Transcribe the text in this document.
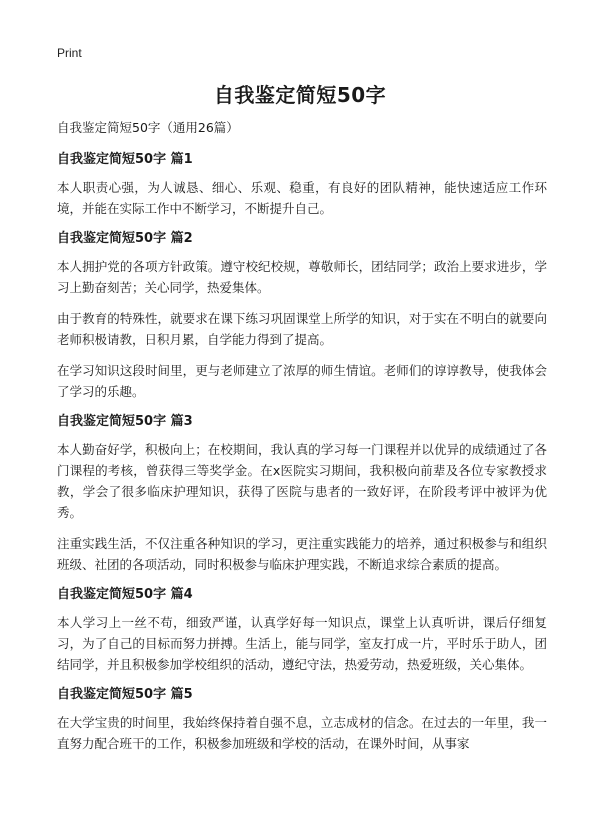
Print
自我鉴定简短50字

自我鉴定简短50字（通用26篇）

自我鉴定简短50字 篇1

本人职责心强，为人诚恳、细心、乐观、稳重，有良好的团队精神，能快速适应工作环境，并能在实际工作中不断学习，不断提升自己。

自我鉴定简短50字 篇2

本人拥护党的各项方针政策。遵守校纪校规，尊敬师长，团结同学；政治上要求进步，学习上勤奋刻苦；关心同学，热爱集体。

由于教育的特殊性，就要求在课下练习巩固课堂上所学的知识，对于实在不明白的就要向老师积极请教，日积月累，自学能力得到了提高。

在学习知识这段时间里，更与老师建立了浓厚的师生情谊。老师们的谆谆教导，使我体会了学习的乐趣。

自我鉴定简短50字 篇3

本人勤奋好学，积极向上；在校期间，我认真的学习每一门课程并以优异的成绩通过了各门课程的考核，曾获得三等奖学金。在x医院实习期间，我积极向前辈及各位专家教授求教，学会了很多临床护理知识，获得了医院与患者的一致好评，在阶段考评中被评为优秀。

注重实践生活，不仅注重各种知识的学习，更注重实践能力的培养，通过积极参与和组织班级、社团的各项活动，同时积极参与临床护理实践，不断追求综合素质的提高。

自我鉴定简短50字 篇4

本人学习上一丝不苟，细致严谨，认真学好每一知识点，课堂上认真听讲，课后仔细复习，为了自己的目标而努力拼搏。生活上，能与同学，室友打成一片，平时乐于助人，团结同学，并且积极参加学校组织的活动，遵纪守法，热爱劳动，热爱班级，关心集体。

自我鉴定简短50字 篇5

在大学宝贵的时间里，我始终保持着自强不息，立志成材的信念。在过去的一年里，我一直努力配合班干的工作，积极参加班级和学校的活动，在课外时间，从事家
